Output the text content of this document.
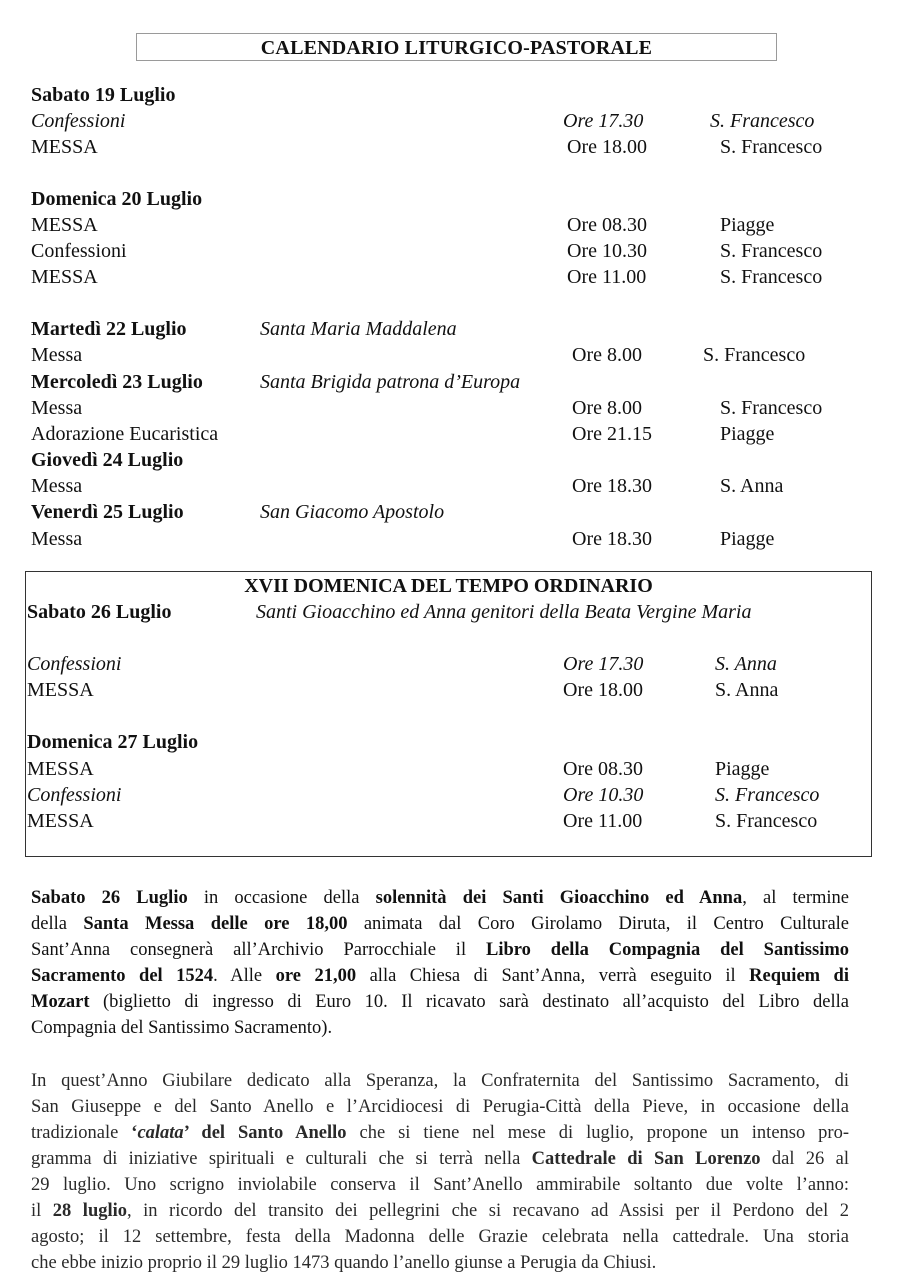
CALENDARIO LITURGICO-PASTORALE
Sabato 19 Luglio
Confessioni	Ore 17.30	S. Francesco
MESSA	Ore 18.00	S. Francesco
Domenica 20 Luglio
MESSA	Ore 08.30	Piagge
Confessioni	Ore 10.30	S. Francesco
MESSA	Ore 11.00	S. Francesco
Martedì 22 Luglio	Santa Maria Maddalena
Messa	Ore 8.00	S. Francesco
Mercoledì 23 Luglio	Santa Brigida patrona d’Europa
Messa	Ore 8.00	S. Francesco
Adorazione Eucaristica	Ore 21.15	Piagge
Giovedì 24 Luglio
Messa	Ore 18.30	S. Anna
Venerdì 25 Luglio	San Giacomo Apostolo
Messa	Ore 18.30	Piagge
XVII DOMENICA DEL TEMPO ORDINARIO
Sabato 26 Luglio	Santi Gioacchino ed Anna genitori della Beata Vergine Maria
Confessioni	Ore 17.30	S. Anna
MESSA	Ore 18.00	S. Anna
Domenica 27 Luglio
MESSA	Ore 08.30	Piagge
Confessioni	Ore 10.30	S. Francesco
MESSA	Ore 11.00	S. Francesco
Sabato 26 Luglio in occasione della solennità dei Santi Gioacchino ed Anna, al termine
della Santa Messa delle ore 18,00 animata dal Coro Girolamo Diruta, il Centro Culturale
Sant’Anna consegnerà all’Archivio Parrocchiale il Libro della Compagnia del Santissimo
Sacramento del 1524. Alle ore 21,00 alla Chiesa di Sant’Anna, verrà eseguito il Requiem di
Mozart (biglietto di ingresso di Euro 10. Il ricavato sarà destinato all’acquisto del Libro della
Compagnia del Santissimo Sacramento).
In quest’Anno Giubilare dedicato alla Speranza, la Confraternita del Santissimo Sacramento, di
San Giuseppe e del Santo Anello e l’Arcidiocesi di Perugia-Città della Pieve, in occasione della
tradizionale ‘calata’ del Santo Anello che si tiene nel mese di luglio, propone un intenso pro-
gramma di iniziative spirituali e culturali che si terrà nella Cattedrale di San Lorenzo dal 26 al
29 luglio. Uno scrigno inviolabile conserva il Sant’Anello ammirabile soltanto due volte l’anno:
il 28 luglio, in ricordo del transito dei pellegrini che si recavano ad Assisi per il Perdono del 2
agosto; il 12 settembre, festa della Madonna delle Grazie celebrata nella cattedrale. Una storia
che ebbe inizio proprio il 29 luglio 1473 quando l’anello giunse a Perugia da Chiusi.
